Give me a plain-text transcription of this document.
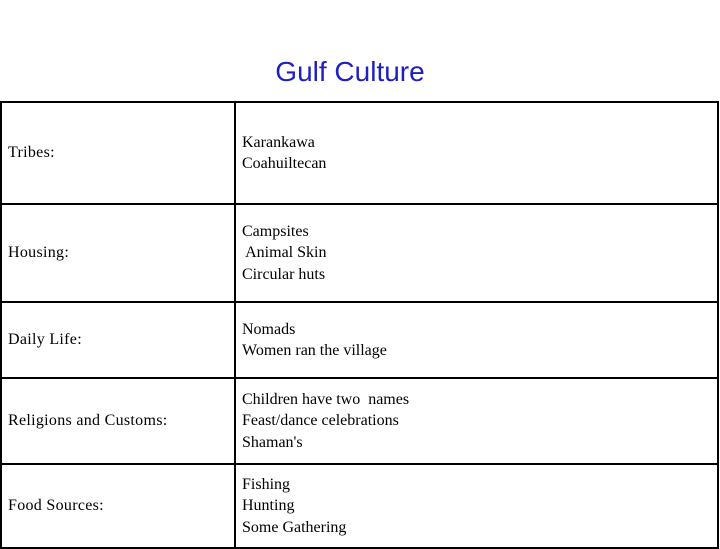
Gulf Culture
Tribes:	Karankawa
Coahuiltecan

Housing:	Campsites
Animal Skin
Circular huts

Daily Life:	Nomads
Women ran the village

Religions and Customs:	Children have two  names
Feast/dance celebrations
Shaman's

Food Sources:	Fishing
Hunting
Some Gathering
